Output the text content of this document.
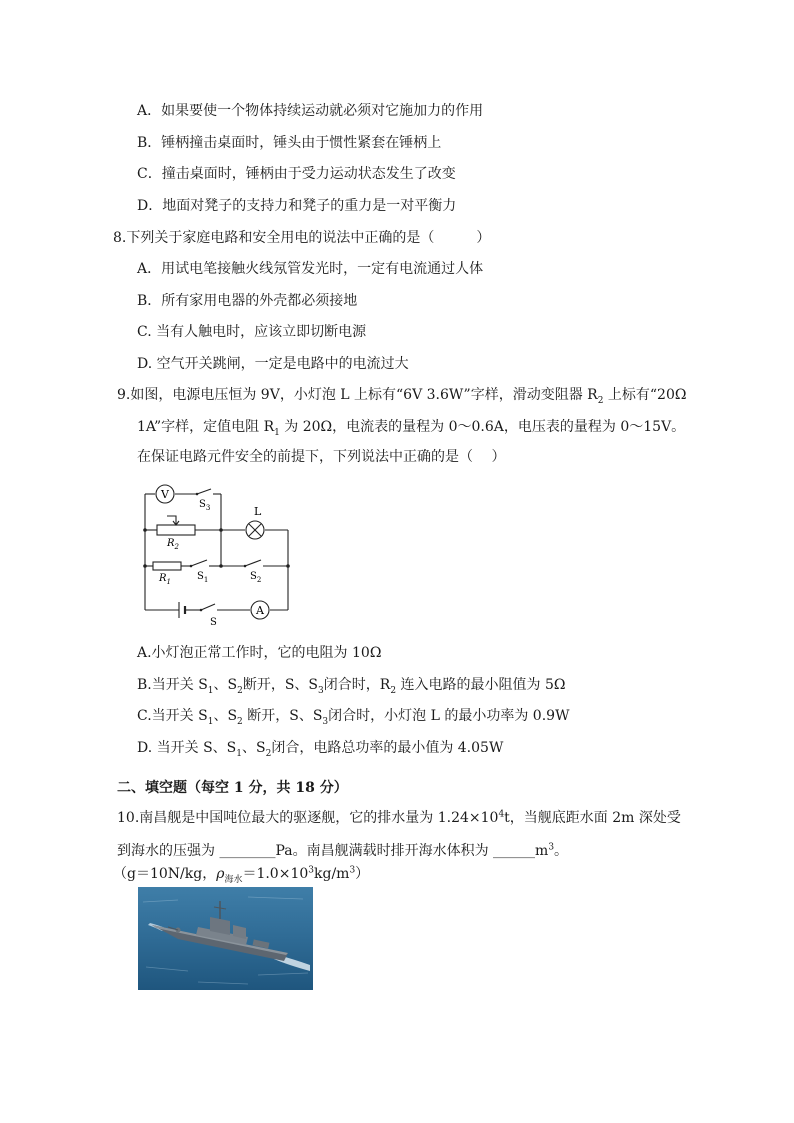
A．如果要使一个物体持续运动就必须对它施加力的作用
B．锤柄撞击桌面时，锤头由于惯性紧套在锤柄上
C．撞击桌面时，锤柄由于受力运动状态发生了改变
D．地面对凳子的支持力和凳子的重力是一对平衡力
8.下列关于家庭电路和安全用电的说法中正确的是（　　　）
A．用试电笔接触火线氖管发光时，一定有电流通过人体
B．所有家用电器的外壳都必须接地
C. 当有人触电时，应该立即切断电源
D. 空气开关跳闸，一定是电路中的电流过大
9.如图，电源电压恒为 9V，小灯泡 L 上标有“6V 3.6W”字样，滑动变阻器 $R_2$ 上标有“20Ω
1A”字样，定值电阻 $R_1$ 为 20Ω，电流表的量程为 0～0.6A，电压表的量程为 0～15V。
在保证电路元件安全的前提下，下列说法中正确的是（　 ）
V
L
A
$S_3$
$R_2$
$R_1$	$S_1$	$S_2$
S
A.小灯泡正常工作时，它的电阻为 10Ω
B.当开关 $S_1$、$S_2$断开，S、$S_3$闭合时，$R_2$ 连入电路的最小阻值为 5Ω
C.当开关 $S_1$、$S_2$ 断开，S、$S_3$闭合时，小灯泡 L 的最小功率为 0.9W
D. 当开关 S、$S_1$、$S_2$闭合，电路总功率的最小值为 4.05W
二、填空题（每空 1 分，共 18 分）
10.南昌舰是中国吨位最大的驱逐舰，它的排水量为 $1.24\times 10^4t$，当舰底距水面 2m 深处受
到海水的压强为 ________Pa。南昌舰满载时排开海水体积为 $\_\_\_\_\_\_m^3$。
（g＝10N/kg，$\rho_{海水}=1.0\times 10^3kg/m^3$）
